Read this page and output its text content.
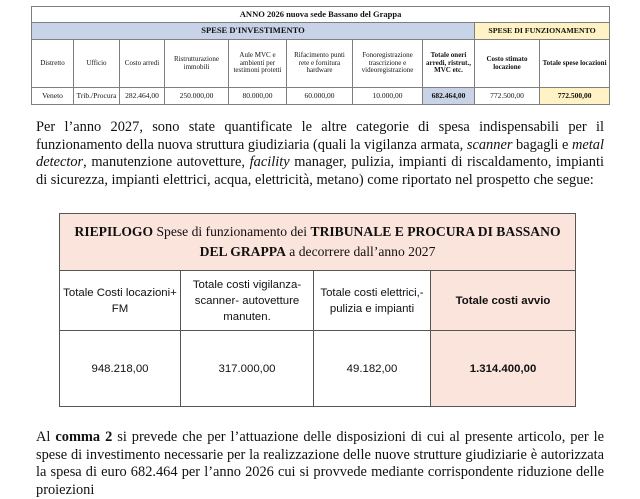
ANNO 2026 nuova sede Bassano del Grappa									
SPESE D'INVESTIMENTO								SPESE DI FUNZIONAMENTO	
Distretto	Ufficio	Costo arredi	Ristrutturazione immobili	Aule MVC e ambienti per testimoni protetti	Rifacimento punti rete e fornitura hardware	Fonoregistrazione trascrizione e videoregistrazione	Totale oneri arredi, ristrut., MVC etc.	Costo stimato locazione	Totale spese locazioni
Veneto	Trib./Procura	282.464,00	250.000,00	80.000,00	60.000,00	10.000,00	682.464,00	772.500,00	772.500,00

Per l’anno 2027, sono state quantificate le altre categorie di spesa indispensabili per il funzionamento della nuova struttura giudiziaria (quali la vigilanza armata, scanner bagagli e metal detector, manutenzione autovetture, facility manager, pulizia, impianti di riscaldamento, impianti di sicurezza, impianti elettrici, acqua, elettricità, metano) come riportato nel prospetto che segue:

RIEPILOGO Spese di funzionamento dei TRIBUNALE E PROCURA DI BASSANO DEL GRAPPA a decorrere dall’anno 2027			
Totale Costi locazioni+ FM	Totale costi vigilanza-scanner- autovetture manuten.	Totale costi elettrici,-pulizia e impianti	Totale costi avvio
948.218,00	317.000,00	49.182,00	1.314.400,00

Al comma 2 si prevede che per l’attuazione delle disposizioni di cui al presente articolo, per le spese di investimento necessarie per la realizzazione delle nuove strutture giudiziarie è autorizzata la spesa di euro 682.464 per l’anno 2026 cui si provvede mediante corrispondente riduzione delle proiezioni
